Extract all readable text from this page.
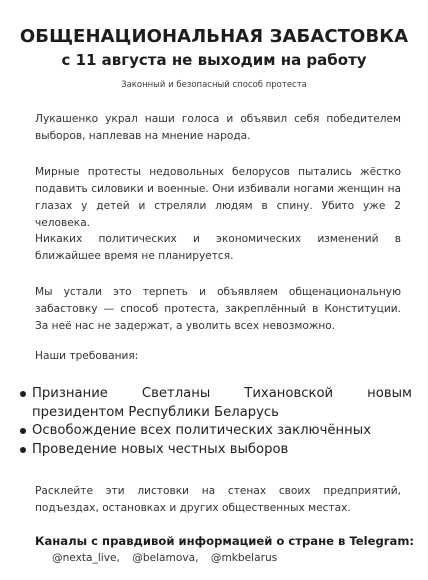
ОБЩЕНАЦИОНАЛЬНАЯ ЗАБАСТОВКА
с 11 августа не выходим на работу
Законный и безопасный способ протеста

Лукашенко украл наши голоса и объявил себя победителем выборов, наплевав на мнение народа.

Мирные протесты недовольных белорусов пытались жёстко подавить силовики и военные. Они избивали ногами женщин на глазах у детей и стреляли людям в спину. Убито уже 2 человека.

Никаких политических и экономических изменений в ближайшее время не планируется.

Мы устали это терпеть и объявляем общенациональную забастовку — способ протеста, закреплённый в Конституции. За неё нас не задержат, а уволить всех невозможно.

Наши требования:

Признание Светланы Тихановской новым президентом Республики Беларусь
Освобождение всех политических заключённых
Проведение новых честных выборов

Расклейте эти листовки на стенах своих предприятий, подъездах, остановках и других общественных местах.

Каналы с правдивой информацией о стране в Telegram:
@nexta_live, @belamova, @mkbelarus
